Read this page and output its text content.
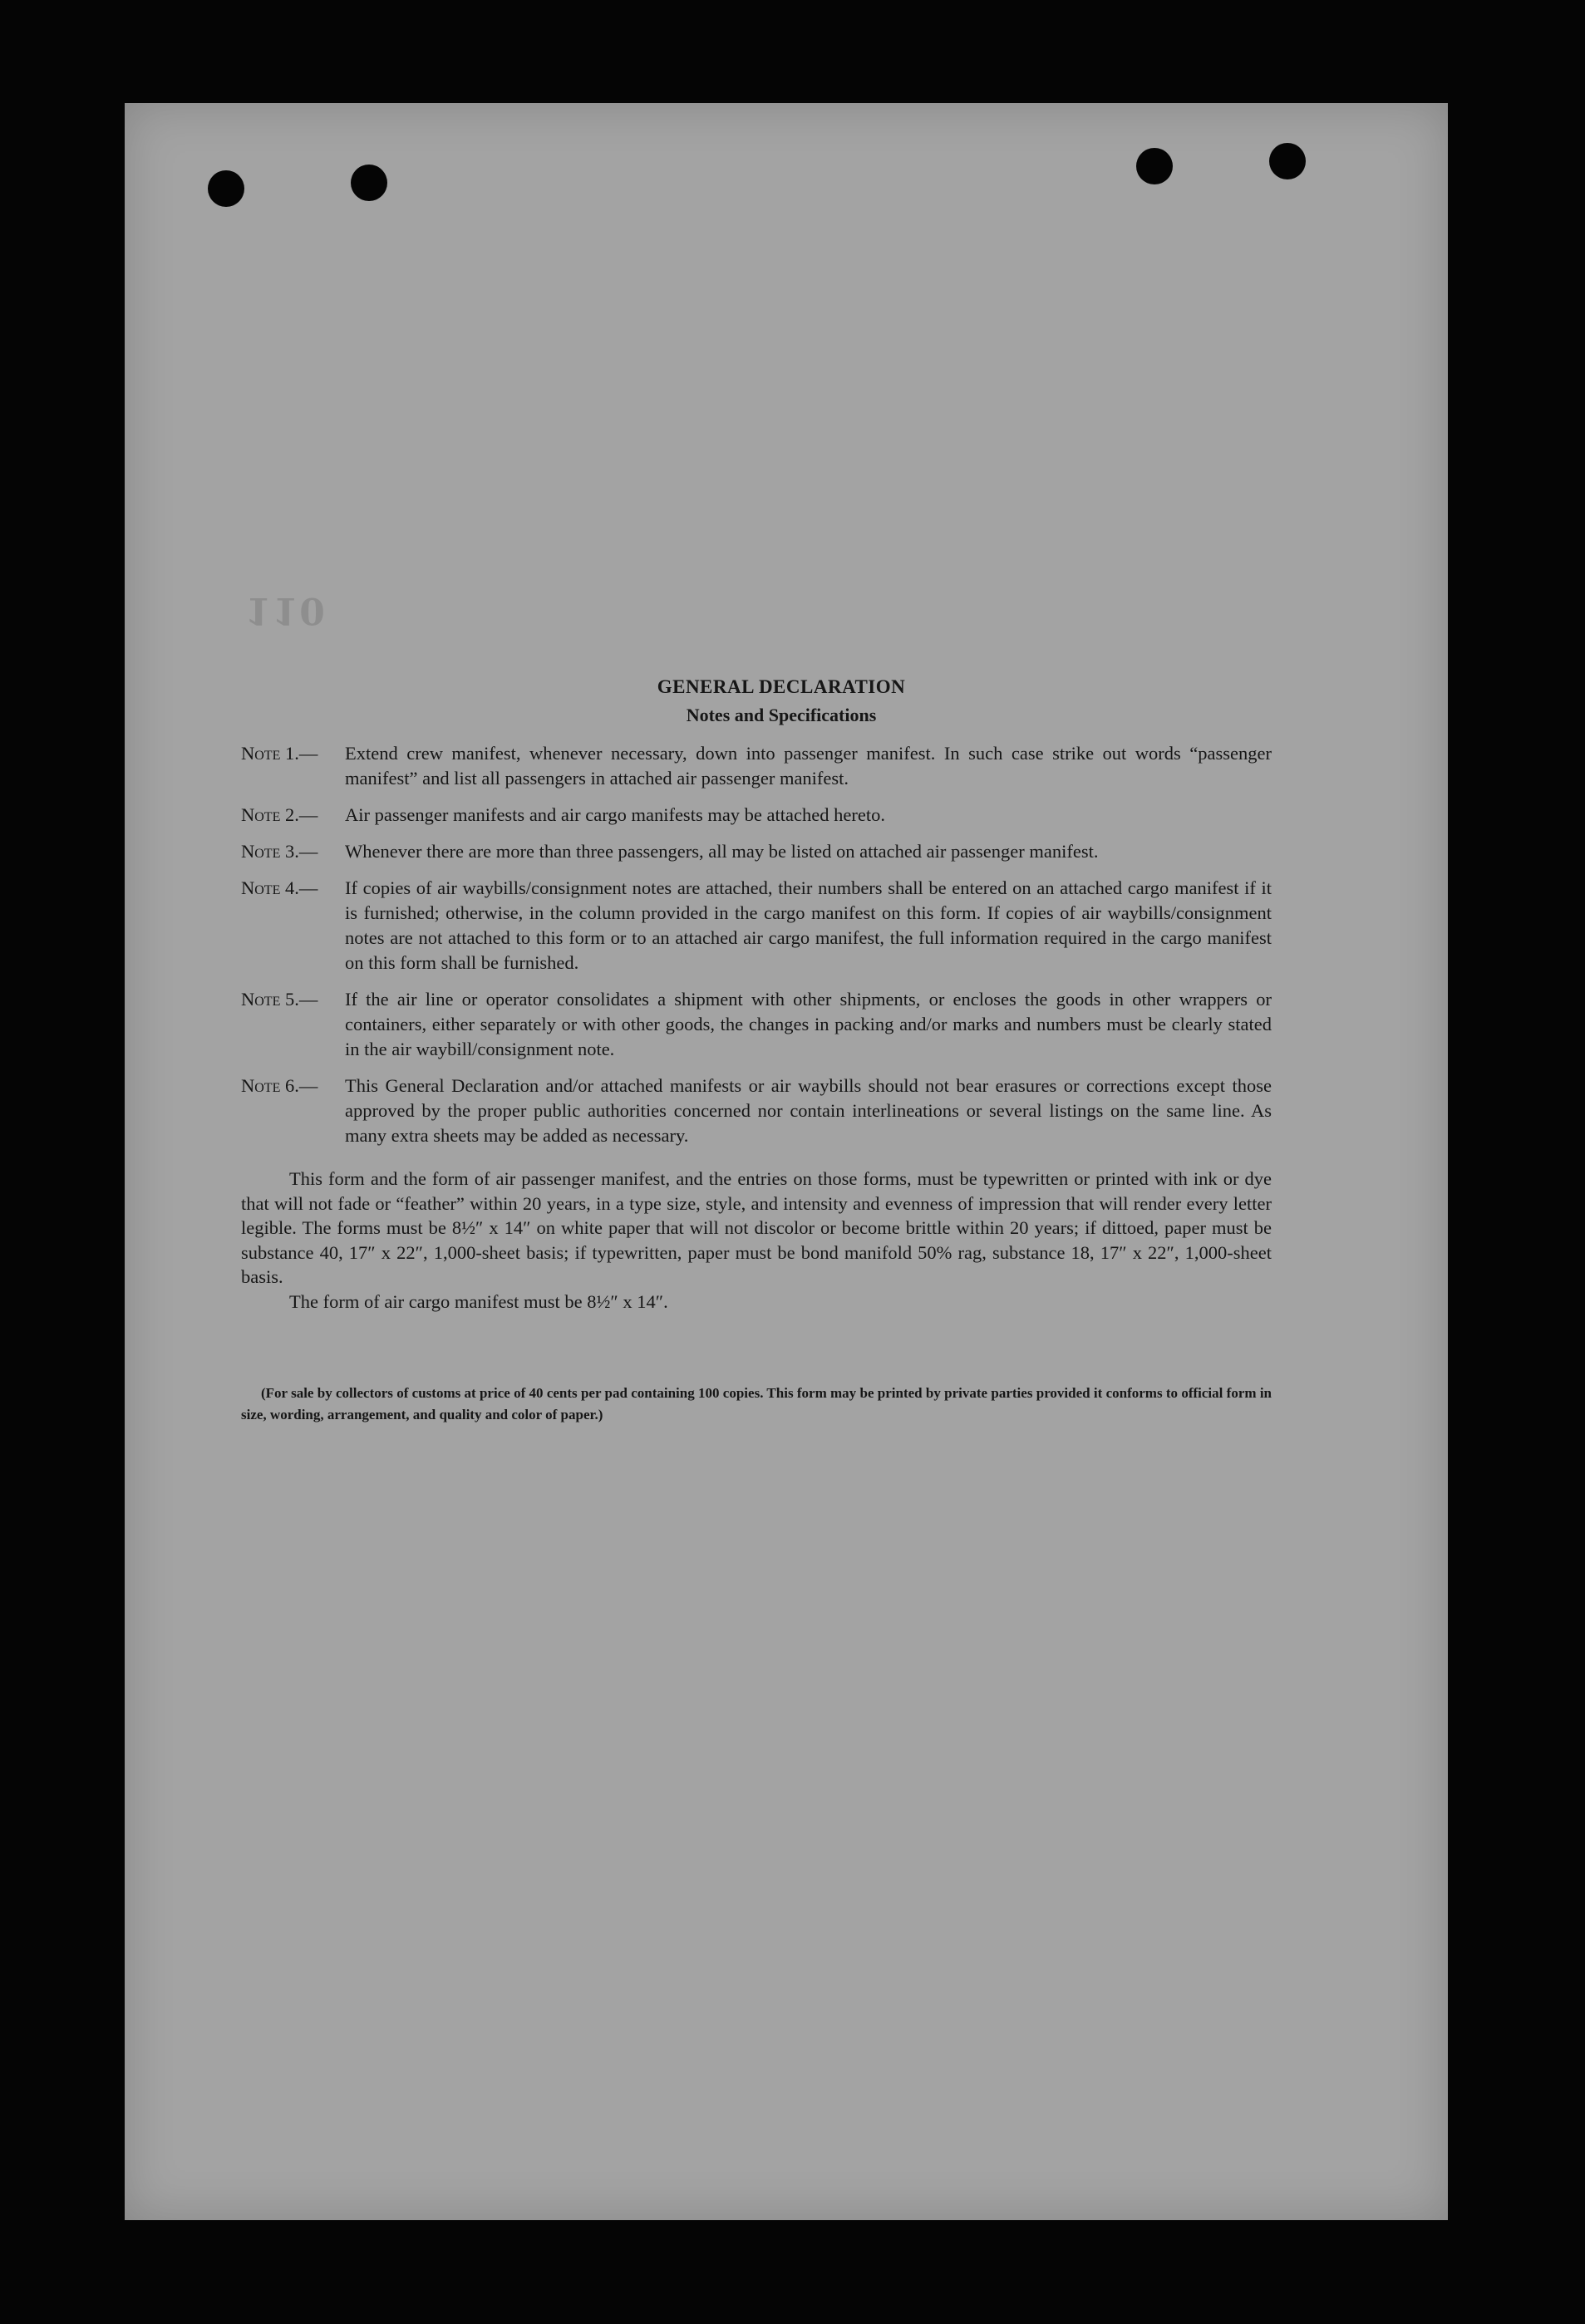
110
GENERAL DECLARATION
Notes and Specifications
Note 1.—	Extend crew manifest, whenever necessary, down into passenger manifest. In such case strike out words “passenger manifest” and list all passengers in attached air passenger manifest.
Note 2.—	Air passenger manifests and air cargo manifests may be attached hereto.
Note 3.—	Whenever there are more than three passengers, all may be listed on attached air passenger manifest.
Note 4.—	If copies of air waybills/consignment notes are attached, their numbers shall be entered on an attached cargo manifest if it is furnished; otherwise, in the column provided in the cargo manifest on this form. If copies of air waybills/consignment notes are not attached to this form or to an attached air cargo manifest, the full information required in the cargo manifest on this form shall be furnished.
Note 5.—	If the air line or operator consolidates a shipment with other shipments, or encloses the goods in other wrappers or containers, either separately or with other goods, the changes in packing and/or marks and numbers must be clearly stated in the air waybill/consignment note.
Note 6.—	This General Declaration and/or attached manifests or air waybills should not bear erasures or corrections except those approved by the proper public authorities concerned nor contain interlineations or several listings on the same line. As many extra sheets may be added as necessary.
This form and the form of air passenger manifest, and the entries on those forms, must be typewritten or printed with ink or dye that will not fade or “feather” within 20 years, in a type size, style, and intensity and evenness of impression that will render every letter legible. The forms must be 8½″ x 14″ on white paper that will not discolor or become brittle within 20 years; if dittoed, paper must be substance 40, 17″ x 22″, 1,000-sheet basis; if typewritten, paper must be bond manifold 50% rag, substance 18, 17″ x 22″, 1,000-sheet basis.
The form of air cargo manifest must be 8½″ x 14″.
(For sale by collectors of customs at price of 40 cents per pad containing 100 copies. This form may be printed by private parties provided it conforms to official form in size, wording, arrangement, and quality and color of paper.)
